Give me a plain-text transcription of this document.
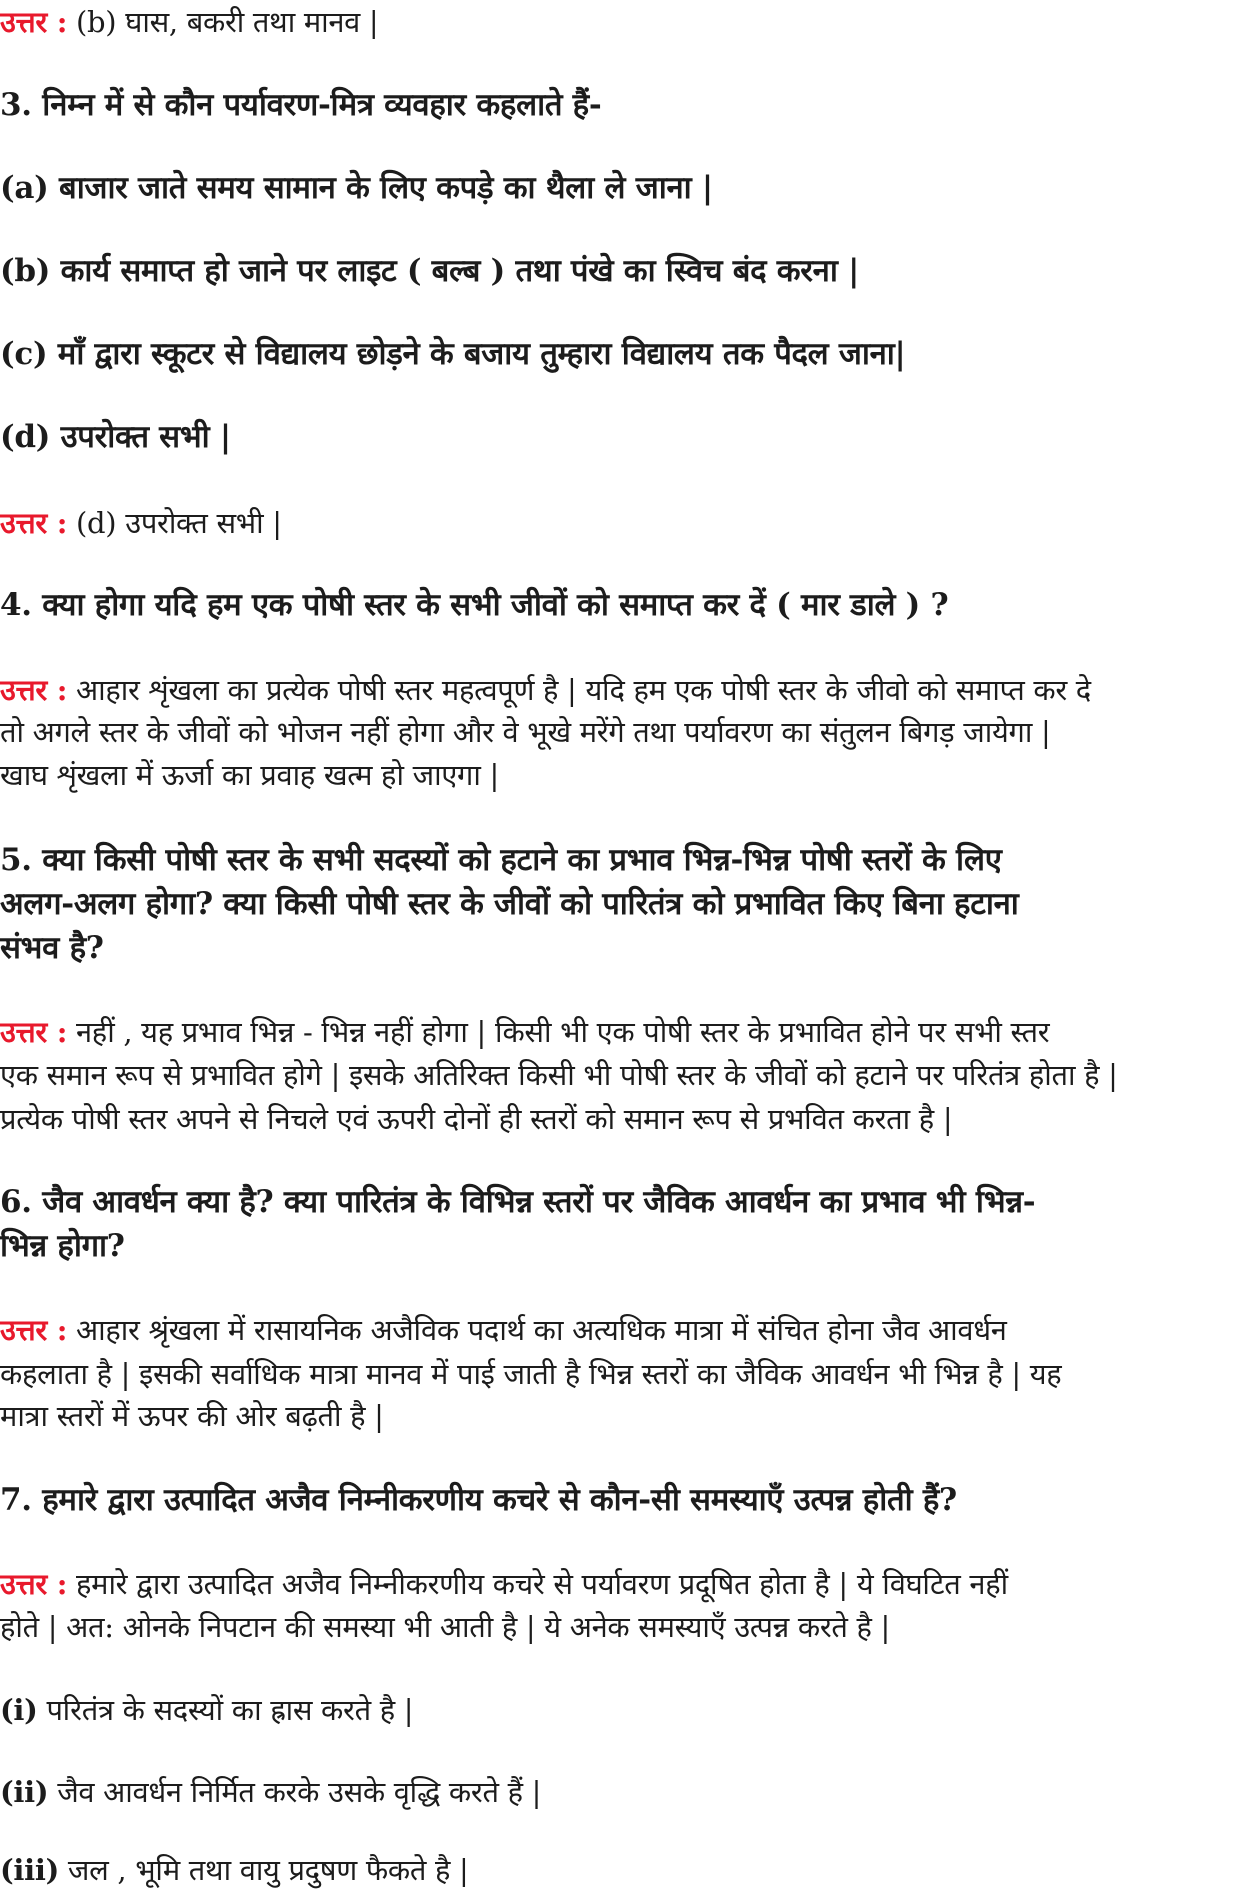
उत्तर : (b) घास, बकरी तथा मानव |
3. निम्न में से कौन पर्यावरण-मित्र व्यवहार कहलाते हैं-
(a) बाजार जाते समय सामान के लिए कपड़े का थैला ले जाना |
(b) कार्य समाप्त हो जाने पर लाइट ( बल्ब ) तथा पंखे का स्विच बंद करना |
(c) माँ द्वारा स्कूटर से विद्यालय छोड़ने के बजाय तुम्हारा विद्यालय तक पैदल जाना|
(d) उपरोक्त सभी |
उत्तर : (d) उपरोक्त सभी |
4. क्या होगा यदि हम एक पोषी स्तर के सभी जीवों को समाप्त कर दें ( मार डाले ) ?
उत्तर : आहार शृंखला का प्रत्येक पोषी स्तर महत्वपूर्ण है | यदि हम एक पोषी स्तर के जीवो को समाप्त कर दे
तो अगले स्तर के जीवों को भोजन नहीं होगा और वे भूखे मरेंगे तथा पर्यावरण का संतुलन बिगड़ जायेगा |
खाघ शृंखला में ऊर्जा का प्रवाह खत्म हो जाएगा |
5. क्या किसी पोषी स्तर के सभी सदस्यों को हटाने का प्रभाव भिन्न-भिन्न पोषी स्तरों के लिए
अलग-अलग होगा? क्या किसी पोषी स्तर के जीवों को पारितंत्र को प्रभावित किए बिना हटाना
संभव है?
उत्तर : नहीं , यह प्रभाव भिन्न - भिन्न नहीं होगा | किसी भी एक पोषी स्तर के प्रभावित होने पर सभी स्तर
एक समान रूप से प्रभावित होगे | इसके अतिरिक्त किसी भी पोषी स्तर के जीवों को हटाने पर परितंत्र होता है |
प्रत्येक पोषी स्तर अपने से निचले एवं ऊपरी दोनों ही स्तरों को समान रूप से प्रभवित करता है |
6. जैव आवर्धन क्या है? क्या पारितंत्र के विभिन्न स्तरों पर जैविक आवर्धन का प्रभाव भी भिन्न-
भिन्न होगा?
उत्तर : आहार श्रृंखला में रासायनिक अजैविक पदार्थ का अत्यधिक मात्रा में संचित होना जैव आवर्धन
कहलाता है | इसकी सर्वाधिक मात्रा मानव में पाई जाती है भिन्न स्तरों का जैविक आवर्धन भी भिन्न है | यह
मात्रा स्तरों में ऊपर की ओर बढ़ती है |
7. हमारे द्वारा उत्पादित अजैव निम्नीकरणीय कचरे से कौन-सी समस्याएँ उत्पन्न होती हैं?
उत्तर : हमारे द्वारा उत्पादित अजैव निम्नीकरणीय कचरे से पर्यावरण प्रदूषित होता है | ये विघटित नहीं
होते | अत: ओनके निपटान की समस्या भी आती है | ये अनेक समस्याएँ उत्पन्न करते है |
(i) परितंत्र के सदस्यों का ह्रास करते है |
(ii) जैव आवर्धन निर्मित करके उसके वृद्धि करते हैं |
(iii) जल , भूमि तथा वायु प्रदुषण फैकते है |
